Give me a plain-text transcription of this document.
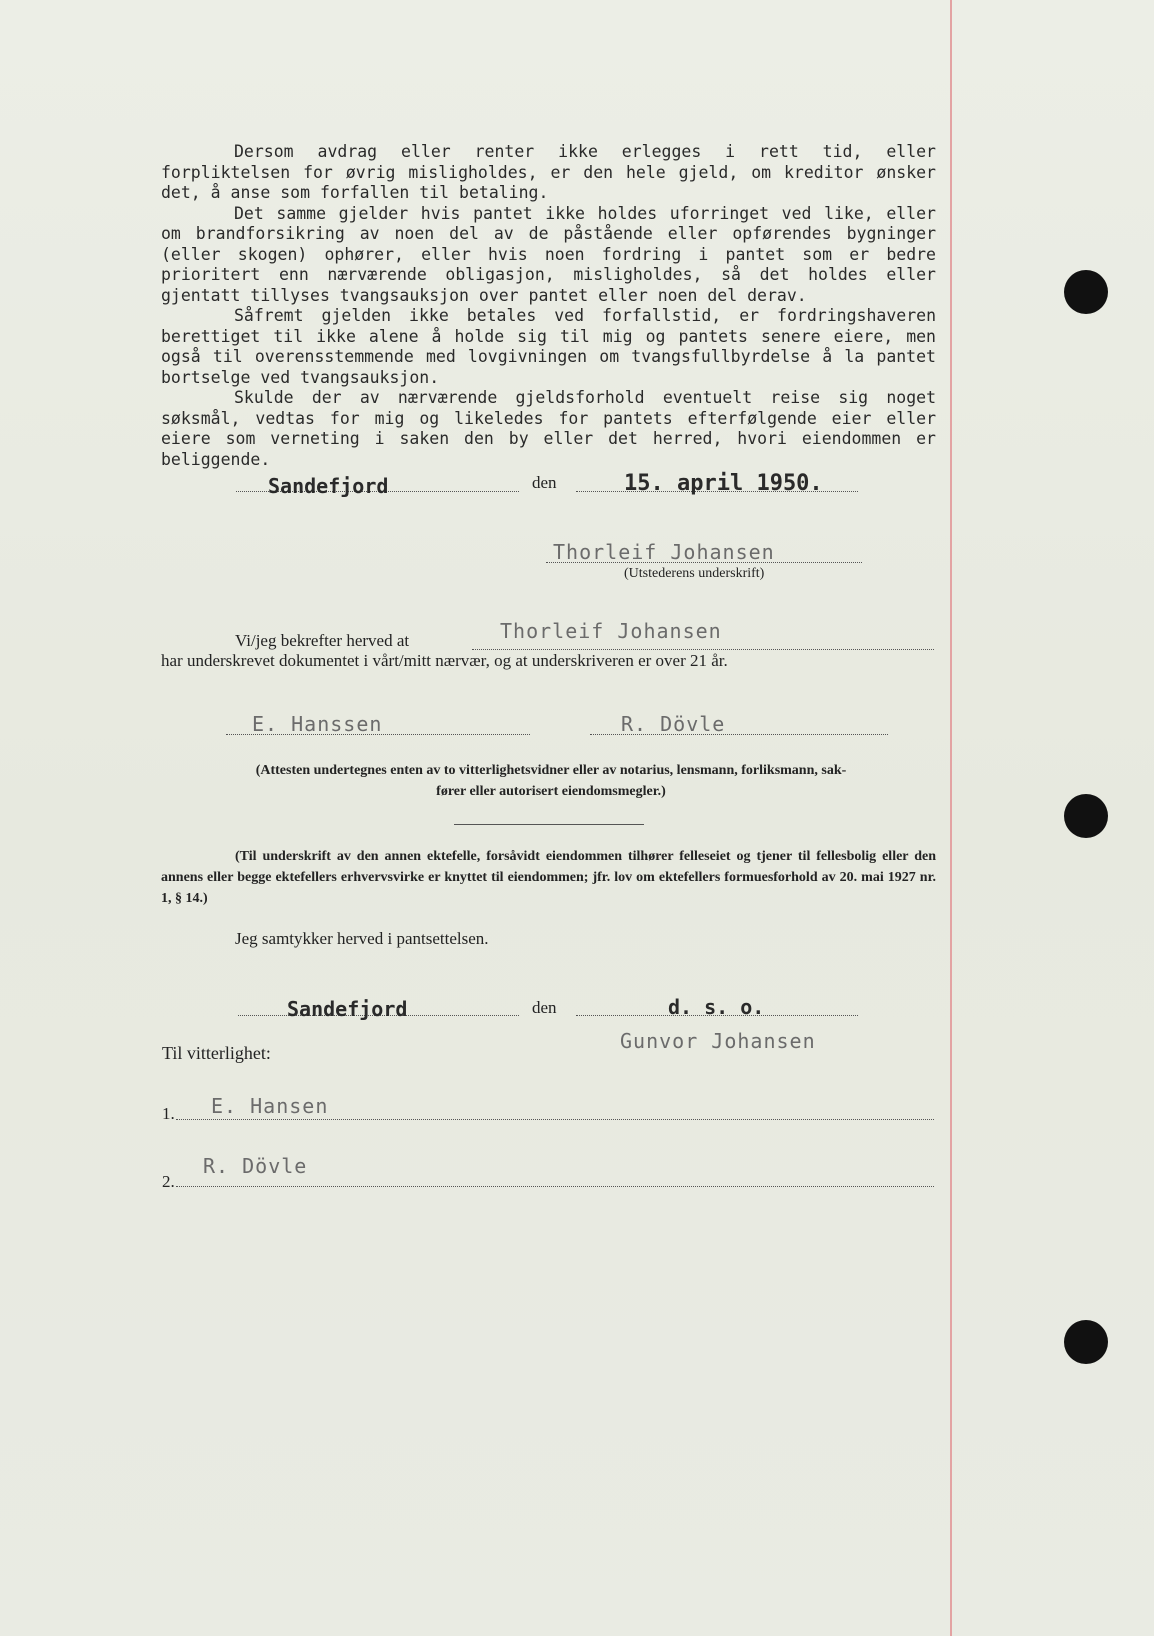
Dersom avdrag eller renter ikke erlegges i rett tid, eller forpliktelsen for øvrig misligholdes, er den hele gjeld, om kreditor ønsker det, å anse som forfallen til betaling.

Det samme gjelder hvis pantet ikke holdes uforringet ved like, eller om brandforsikring av noen del av de påstående eller opførendes bygninger (eller skogen) ophører, eller hvis noen fordring i pantet som er bedre prioritert enn nærværende obligasjon, misligholdes, så det holdes eller gjentatt tillyses tvangsauksjon over pantet eller noen del derav.

Såfremt gjelden ikke betales ved forfallstid, er fordringshaveren berettiget til ikke alene å holde sig til mig og pantets senere eiere, men også til overensstemmende med lovgivningen om tvangsfullbyrdelse å la pantet bortselge ved tvangsauksjon.

Skulde der av nærværende gjeldsforhold eventuelt reise sig noget søksmål, vedtas for mig og likeledes for pantets efterfølgende eier eller eiere som verneting i saken den by eller det herred, hvori eiendommen er beliggende.

Sandefjord	den	15. april 1950.
Thorleif Johansen
(Utstederens underskrift)
Vi/jeg bekrefter herved at	Thorleif Johansen
har underskrevet dokumentet i vårt/mitt nærvær, og at underskriveren er over 21 år.
E. Hanssen	R. Dövle
(Attesten undertegnes enten av to vitterlighetsvidner eller av notarius, lensmann, forliksmann, sak-
fører eller autorisert eiendomsmegler.)
(Til underskrift av den annen ektefelle, forsåvidt eiendommen tilhører felleseiet og tjener til fellesbolig eller den annens eller begge ektefellers erhvervsvirke er knyttet til eiendommen; jfr. lov om ektefellers formuesforhold av 20. mai 1927 nr. 1, § 14.)
Jeg samtykker herved i pantsettelsen.
Sandefjord	den	d. s. o.
Gunvor Johansen
Til vitterlighet:
1. E. Hansen
2.
R. Dövle
